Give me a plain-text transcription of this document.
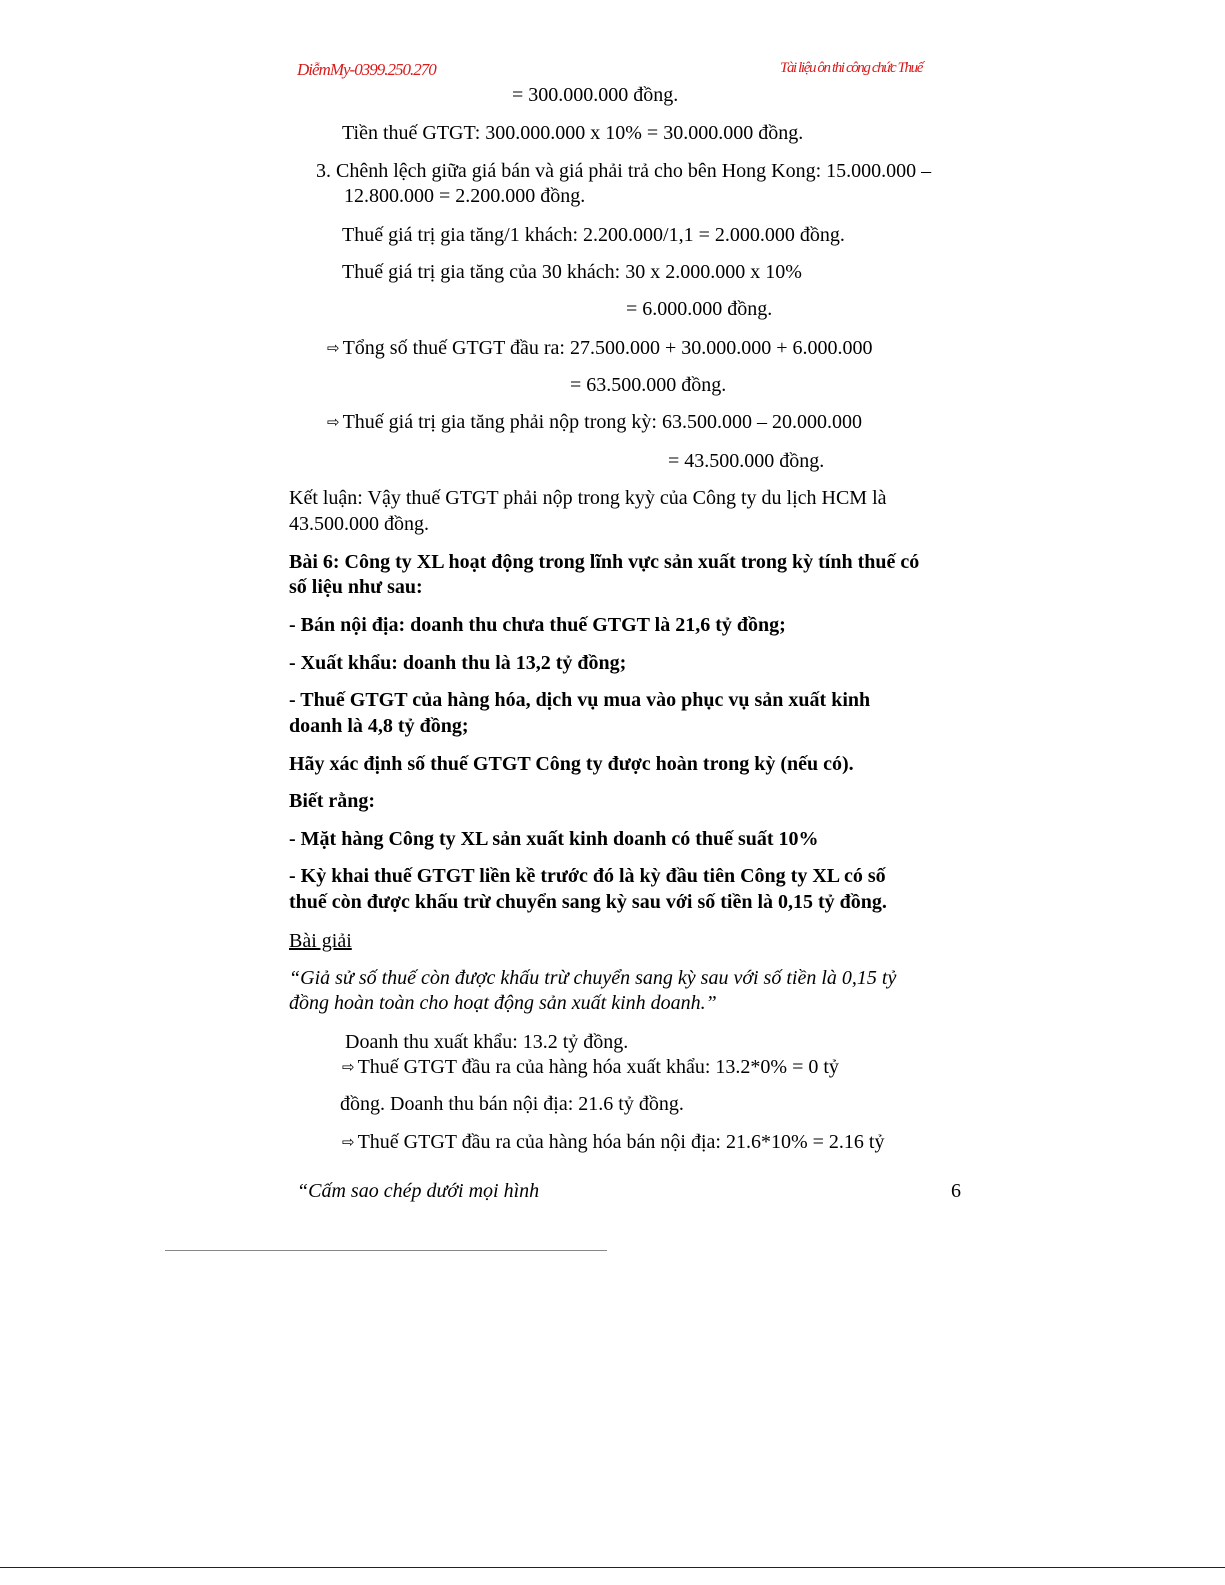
DiễmMy-0399.250.270	Tài liệu ôn thi công chức Thuế
= 300.000.000 đồng.
Tiền thuế GTGT: 300.000.000 x 10% = 30.000.000 đồng.
3. Chênh lệch giữa giá bán và giá phải trả cho bên Hong Kong: 15.000.000 –
12.800.000 = 2.200.000 đồng.
Thuế giá trị gia tăng/1 khách: 2.200.000/1,1 = 2.000.000 đồng.
Thuế giá trị gia tăng của 30 khách: 30 x 2.000.000 x 10%
= 6.000.000 đồng.
⇨ Tổng số thuế GTGT đầu ra: 27.500.000 + 30.000.000 + 6.000.000
= 63.500.000 đồng.
⇨ Thuế giá trị gia tăng phải nộp trong kỳ: 63.500.000 – 20.000.000
= 43.500.000 đồng.
Kết luận: Vậy thuế GTGT phải nộp trong kyỳ của Công ty du lịch HCM là
43.500.000 đồng.
Bài 6: Công ty XL hoạt động trong lĩnh vực sản xuất trong kỳ tính thuế có
số liệu như sau:
- Bán nội địa: doanh thu chưa thuế GTGT là 21,6 tỷ đồng;
- Xuất khẩu: doanh thu là 13,2 tỷ đồng;
- Thuế GTGT của hàng hóa, dịch vụ mua vào phục vụ sản xuất kinh
doanh là 4,8 tỷ đồng;
Hãy xác định số thuế GTGT Công ty được hoàn trong kỳ (nếu có).
Biết rằng:
- Mặt hàng Công ty XL sản xuất kinh doanh có thuế suất 10%
- Kỳ khai thuế GTGT liền kề trước đó là kỳ đầu tiên Công ty XL có số
thuế còn được khấu trừ chuyển sang kỳ sau với số tiền là 0,15 tỷ đồng.
Bài giải
“Giả sử số thuế còn được khấu trừ chuyển sang kỳ sau với số tiền là 0,15 tỷ
đồng hoàn toàn cho hoạt động sản xuất kinh doanh.”
Doanh thu xuất khẩu: 13.2 tỷ đồng.
⇨ Thuế GTGT đầu ra của hàng hóa xuất khẩu: 13.2*0% = 0 tỷ
đồng. Doanh thu bán nội địa: 21.6 tỷ đồng.
⇨ Thuế GTGT đầu ra của hàng hóa bán nội địa: 21.6*10% = 2.16 tỷ
“Cấm sao chép dưới mọi hình	6
